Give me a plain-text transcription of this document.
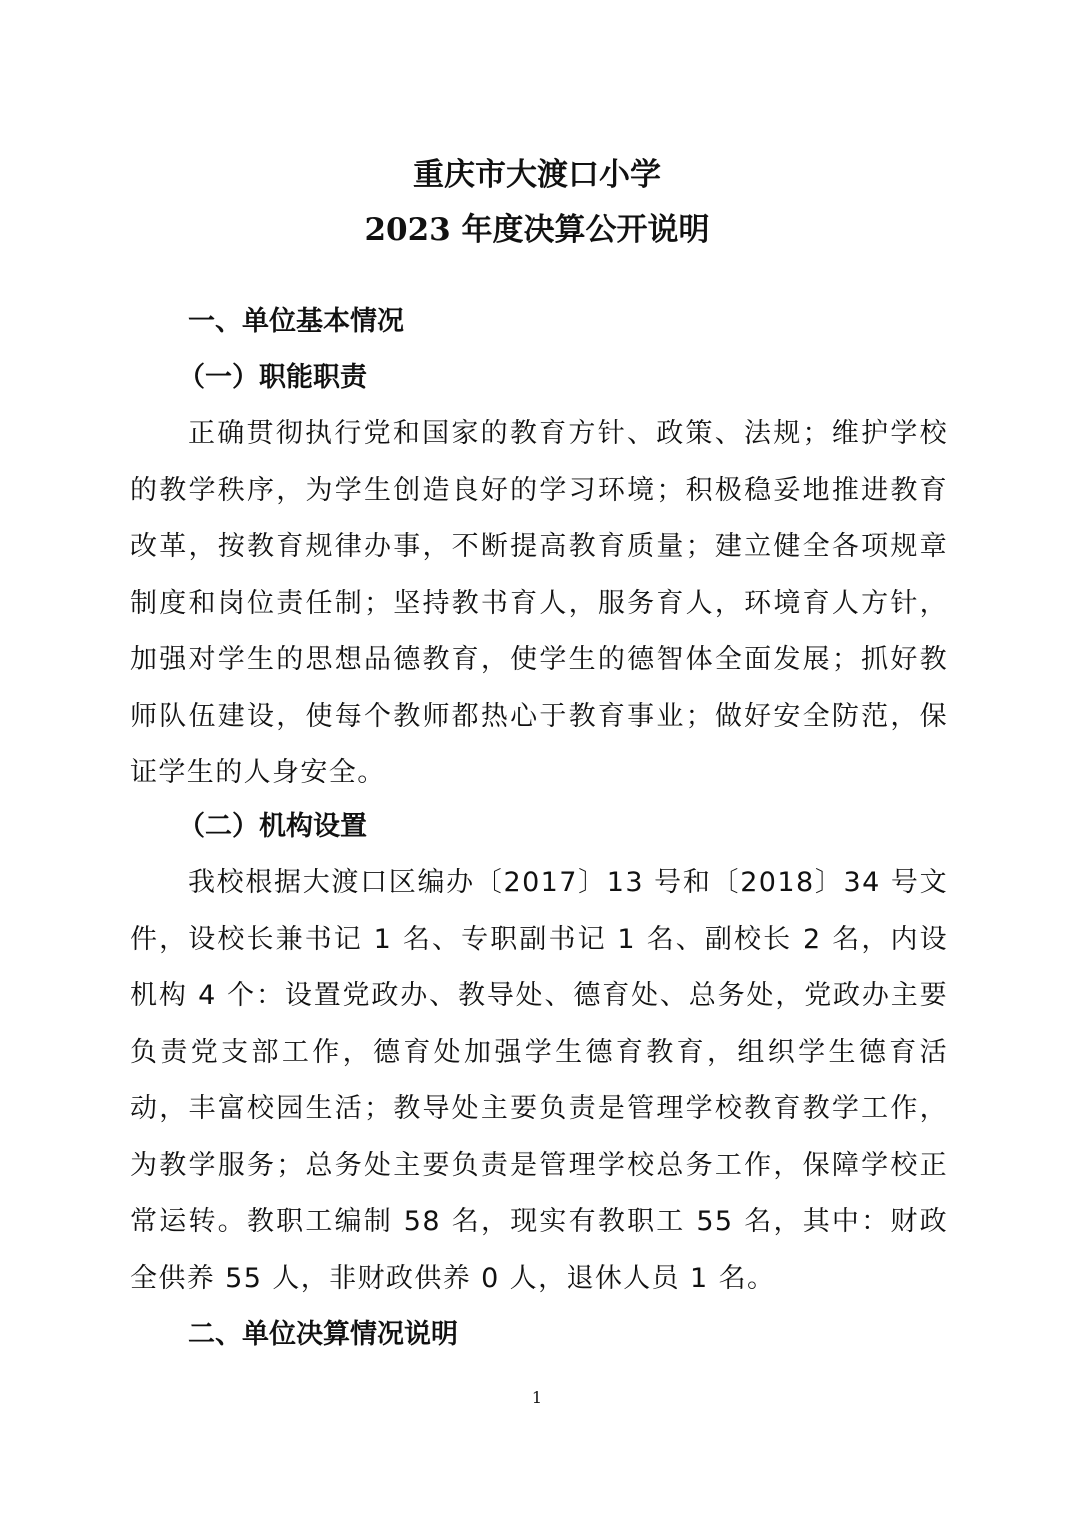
重庆市大渡口小学
2023 年度决算公开说明
一、单位基本情况
（一）职能职责

正确贯彻执行党和国家的教育方针、政策、法规；维护学校的教学秩序，为学生创造良好的学习环境；积极稳妥地推进教育改革，按教育规律办事，不断提高教育质量；建立健全各项规章制度和岗位责任制；坚持教书育人，服务育人，环境育人方针，加强对学生的思想品德教育，使学生的德智体全面发展；抓好教师队伍建设，使每个教师都热心于教育事业；做好安全防范，保证学生的人身安全。

（二）机构设置

我校根据大渡口区编办〔2017〕13 号和〔2018〕34 号文件，设校长兼书记 1 名、专职副书记 1 名、副校长 2 名，内设机构 4 个：设置党政办、教导处、德育处、总务处，党政办主要负责党支部工作，德育处加强学生德育教育，组织学生德育活动，丰富校园生活；教导处主要负责是管理学校教育教学工作，为教学服务；总务处主要负责是管理学校总务工作，保障学校正常运转。教职工编制 58 名，现实有教职工 55 名，其中：财政全供养 55 人，非财政供养 0 人，退休人员 1 名。

二、单位决算情况说明
1
